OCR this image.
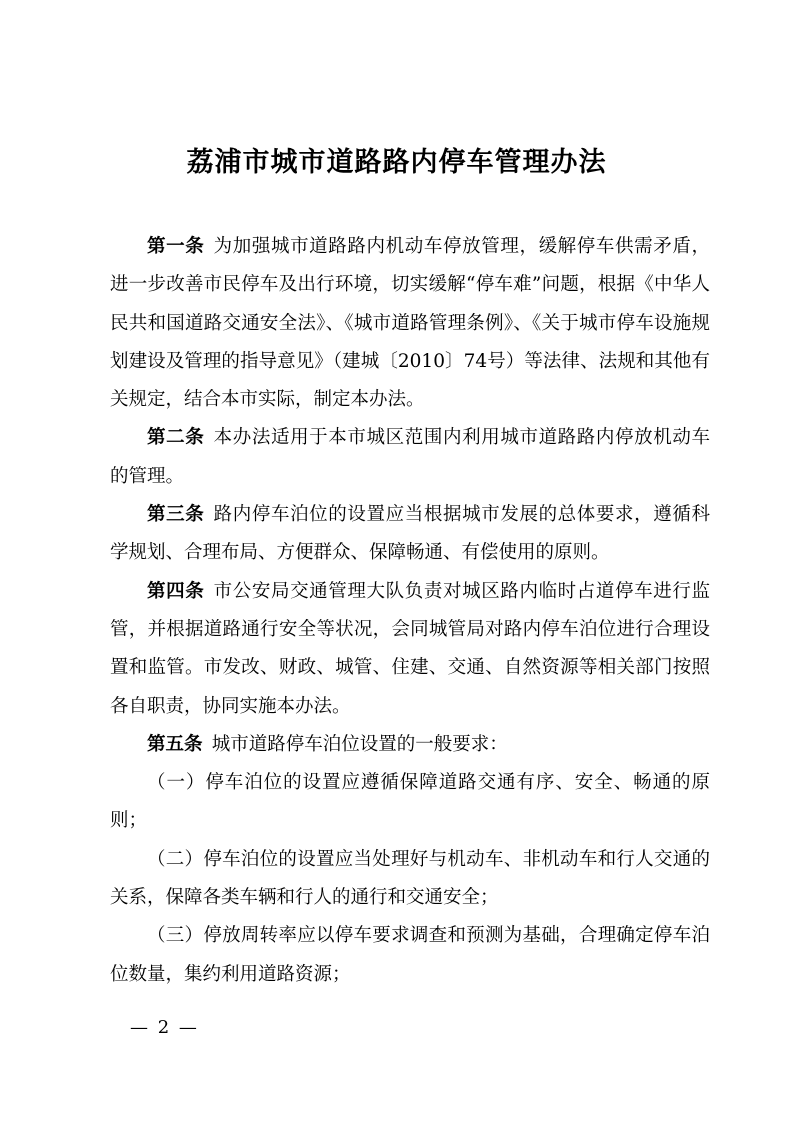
荔浦市城市道路路内停车管理办法

第一条 为加强城市道路路内机动车停放管理，缓解停车供需矛盾，进一步改善市民停车及出行环境，切实缓解“停车难”问题，根据《中华人民共和国道路交通安全法》、《城市道路管理条例》、《关于城市停车设施规划建设及管理的指导意见》（建城〔2010〕74号）等法律、法规和其他有关规定，结合本市实际，制定本办法。

第二条 本办法适用于本市城区范围内利用城市道路路内停放机动车的管理。

第三条 路内停车泊位的设置应当根据城市发展的总体要求，遵循科学规划、合理布局、方便群众、保障畅通、有偿使用的原则。

第四条 市公安局交通管理大队负责对城区路内临时占道停车进行监管，并根据道路通行安全等状况，会同城管局对路内停车泊位进行合理设置和监管。市发改、财政、城管、住建、交通、自然资源等相关部门按照各自职责，协同实施本办法。

第五条 城市道路停车泊位设置的一般要求：

（一）停车泊位的设置应遵循保障道路交通有序、安全、畅通的原则；

（二）停车泊位的设置应当处理好与机动车、非机动车和行人交通的关系，保障各类车辆和行人的通行和交通安全；

（三）停放周转率应以停车要求调查和预测为基础，合理确定停车泊位数量，集约利用道路资源；

— 2 —
